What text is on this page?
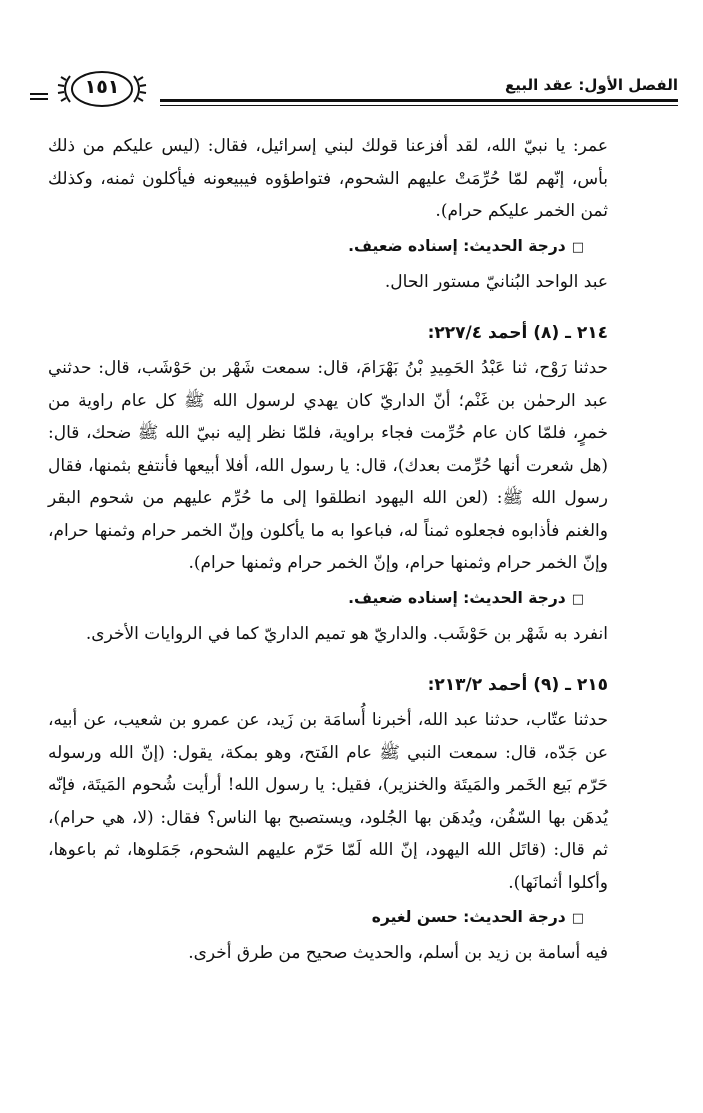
الفصل الأول: عقد البيع
١٥١

عمر: يا نبيّ الله، لقد أفزعنا قولك لبني إسرائيل، فقال: (ليس عليكم من ذلك بأس، إنّهم لمّا حُرِّمَتْ عليهم الشحوم، فتواطؤوه فيبيعونه فيأكلون ثمنه، وكذلك ثمن الخمر عليكم حرام).

□درجة الحديث: إسناده ضعيف.

عبد الواحد البُنانيّ مستور الحال.

٢١٤ ـ (٨) أحمد ٢٢٧/٤:

حدثنا رَوْح، ثنا عَبْدُ الحَمِيدِ بْنُ بَهْرَامَ، قال: سمعت شَهْر بن حَوْشَب، قال: حدثني عبد الرحمٰن بن غَنْم؛ أنّ الداريّ كان يهدي لرسول الله ﷺ كل عام راوية من خمرٍ، فلمّا كان عام حُرِّمت فجاء براوية، فلمّا نظر إليه نبيّ الله ﷺ ضحك، قال: (هل شعرت أنها حُرِّمت بعدك)، قال: يا رسول الله، أفلا أبيعها فأنتفع بثمنها، فقال رسول الله ﷺ: (لعن الله اليهود انطلقوا إلى ما حُرِّم عليهم من شحوم البقر والغنم فأذابوه فجعلوه ثمناً له، فباعوا به ما يأكلون وإنّ الخمر حرام وثمنها حرام، وإنّ الخمر حرام وثمنها حرام، وإنّ الخمر حرام وثمنها حرام).

□درجة الحديث: إسناده ضعيف.

انفرد به شَهْر بن حَوْشَب. والداريّ هو تميم الداريّ كما في الروايات الأخرى.

٢١٥ ـ (٩) أحمد ٢١٣/٢:

حدثنا عتّاب، حدثنا عبد الله، أخبرنا أُسامَة بن زَيد، عن عمرو بن شعيب، عن أبيه، عن جَدّه، قال: سمعت النبي ﷺ عام الفَتح، وهو بمكة، يقول: (إنّ الله ورسوله حَرّم بَيع الخَمر والمَيتَة والخنزير)، فقيل: يا رسول الله! أرأيت شُحوم المَيتَة، فإنّه يُدهَن بها السّفُن، ويُدهَن بها الجُلود، ويستصبح بها الناس؟ فقال: (لا، هي حرام)، ثم قال: (قاتَل الله اليهود، إنّ الله لَمّا حَرّم عليهم الشحوم، جَمَلوها، ثم باعوها، وأكلوا أثمانَها).

□درجة الحديث: حسن لغيره

فيه أسامة بن زيد بن أسلم، والحديث صحيح من طرق أخرى.
